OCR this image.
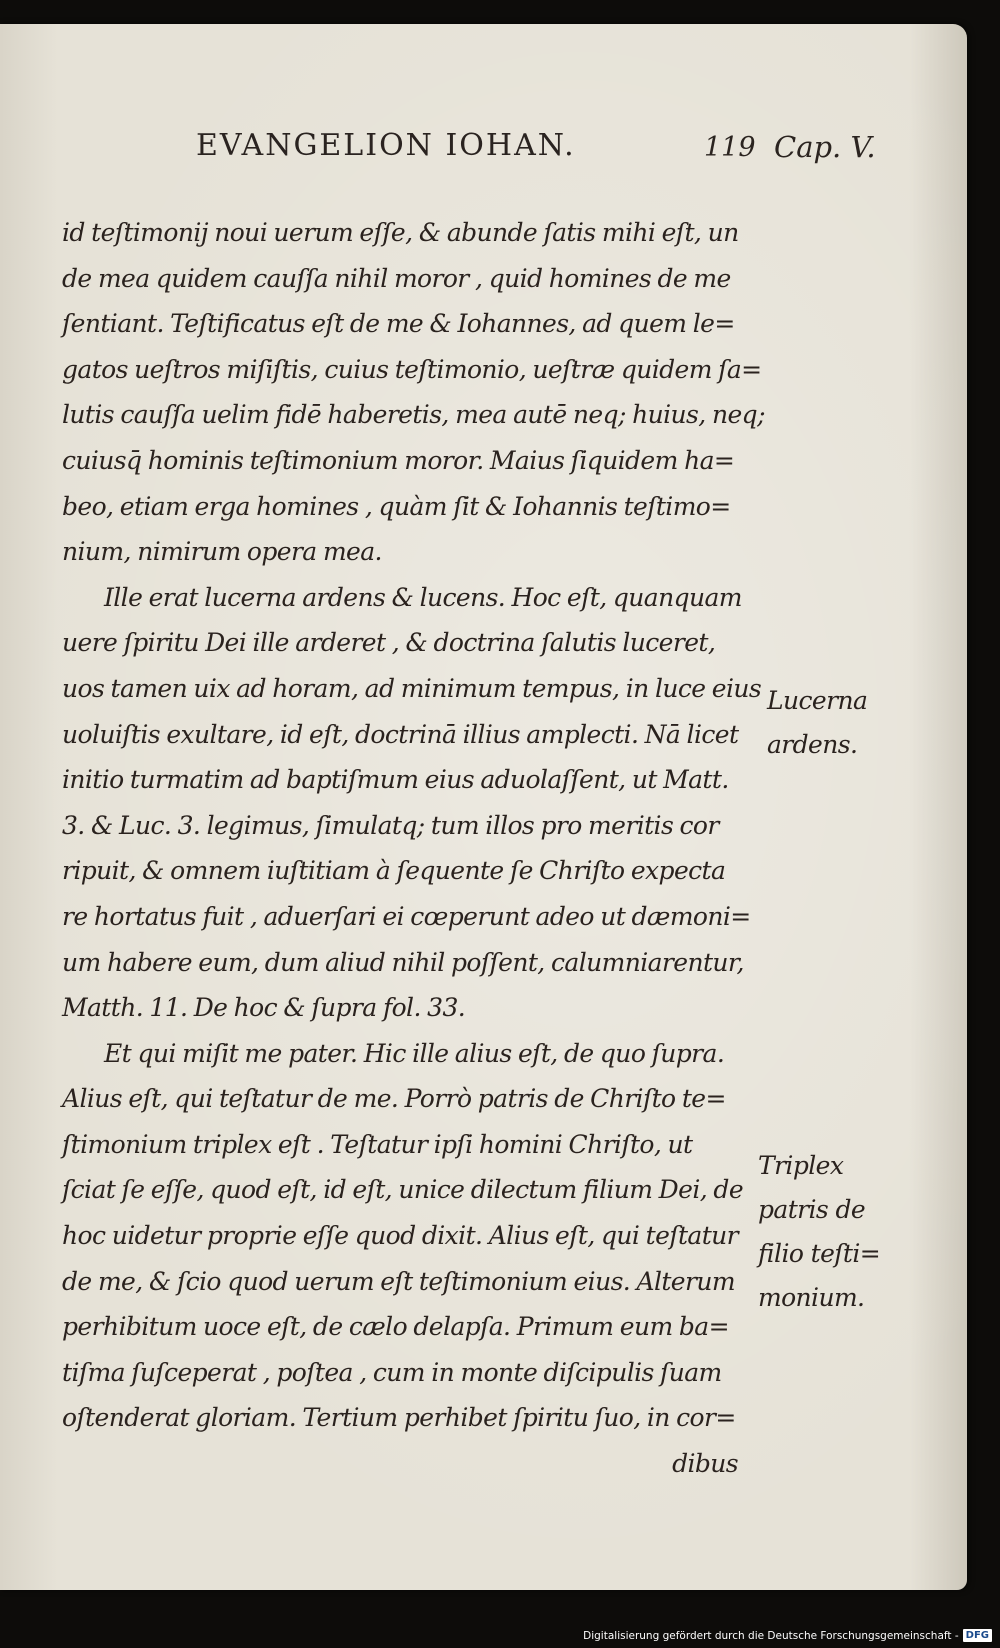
EVANGELION IOHAN.	119 Cap. V.
id teſtimonij noui uerum eſſe, & abunde ſatis mihi eſt, un
de mea quidem cauſſa nihil moror , quid homines de me
ſentiant. Teſtificatus eſt de me & Iohannes, ad quem le=
gatos ueſtros miſiſtis, cuius teſtimonio, ueſtræ quidem ſa=
lutis cauſſa uelim fidē haberetis, mea autē neq; huius, neq;
cuiusq̄ hominis teſtimonium moror. Maius ſiquidem ha=
beo, etiam erga homines , quàm ſit & Iohannis teſtimo=
nium, nimirum opera mea.
Ille erat lucerna ardens & lucens. Hoc eſt, quanquam
uere ſpiritu Dei ille arderet , & doctrina ſalutis luceret,
uos tamen uix ad horam, ad minimum tempus, in luce eius
uoluiſtis exultare, id eſt, doctrinā illius amplecti. Nā licet
initio turmatim ad baptiſmum eius aduolaſſent, ut Matt.
3. & Luc. 3. legimus, ſimulatq; tum illos pro meritis cor
ripuit, & omnem iuſtitiam à ſequente ſe Chriſto expecta
re hortatus fuit , aduerſari ei cœperunt adeo ut dæmoni=
um habere eum, dum aliud nihil poſſent, calumniarentur,
Matth. 11. De hoc & ſupra fol. 33.
Et qui miſit me pater. Hic ille alius eſt, de quo ſupra.
Alius eſt, qui teſtatur de me. Porrò patris de Chriſto te=
ſtimonium triplex eſt . Teſtatur ipſi homini Chriſto, ut
ſciat ſe eſſe, quod eſt, id eſt, unice dilectum filium Dei, de
hoc uidetur proprie eſſe quod dixit. Alius eſt, qui teſtatur
de me, & ſcio quod uerum eſt teſtimonium eius. Alterum
perhibitum uoce eſt, de cælo delapſa. Primum eum ba=
tiſma ſuſceperat , poſtea , cum in monte diſcipulis ſuam
oſtenderat gloriam. Tertium perhibet ſpiritu ſuo, in cor=
dibus
Lucerna
ardens.
Triplex
patris de
filio teſti=
monium.
Digitalisierung gefördert durch die Deutsche Forschungsgemeinschaft - DFG
